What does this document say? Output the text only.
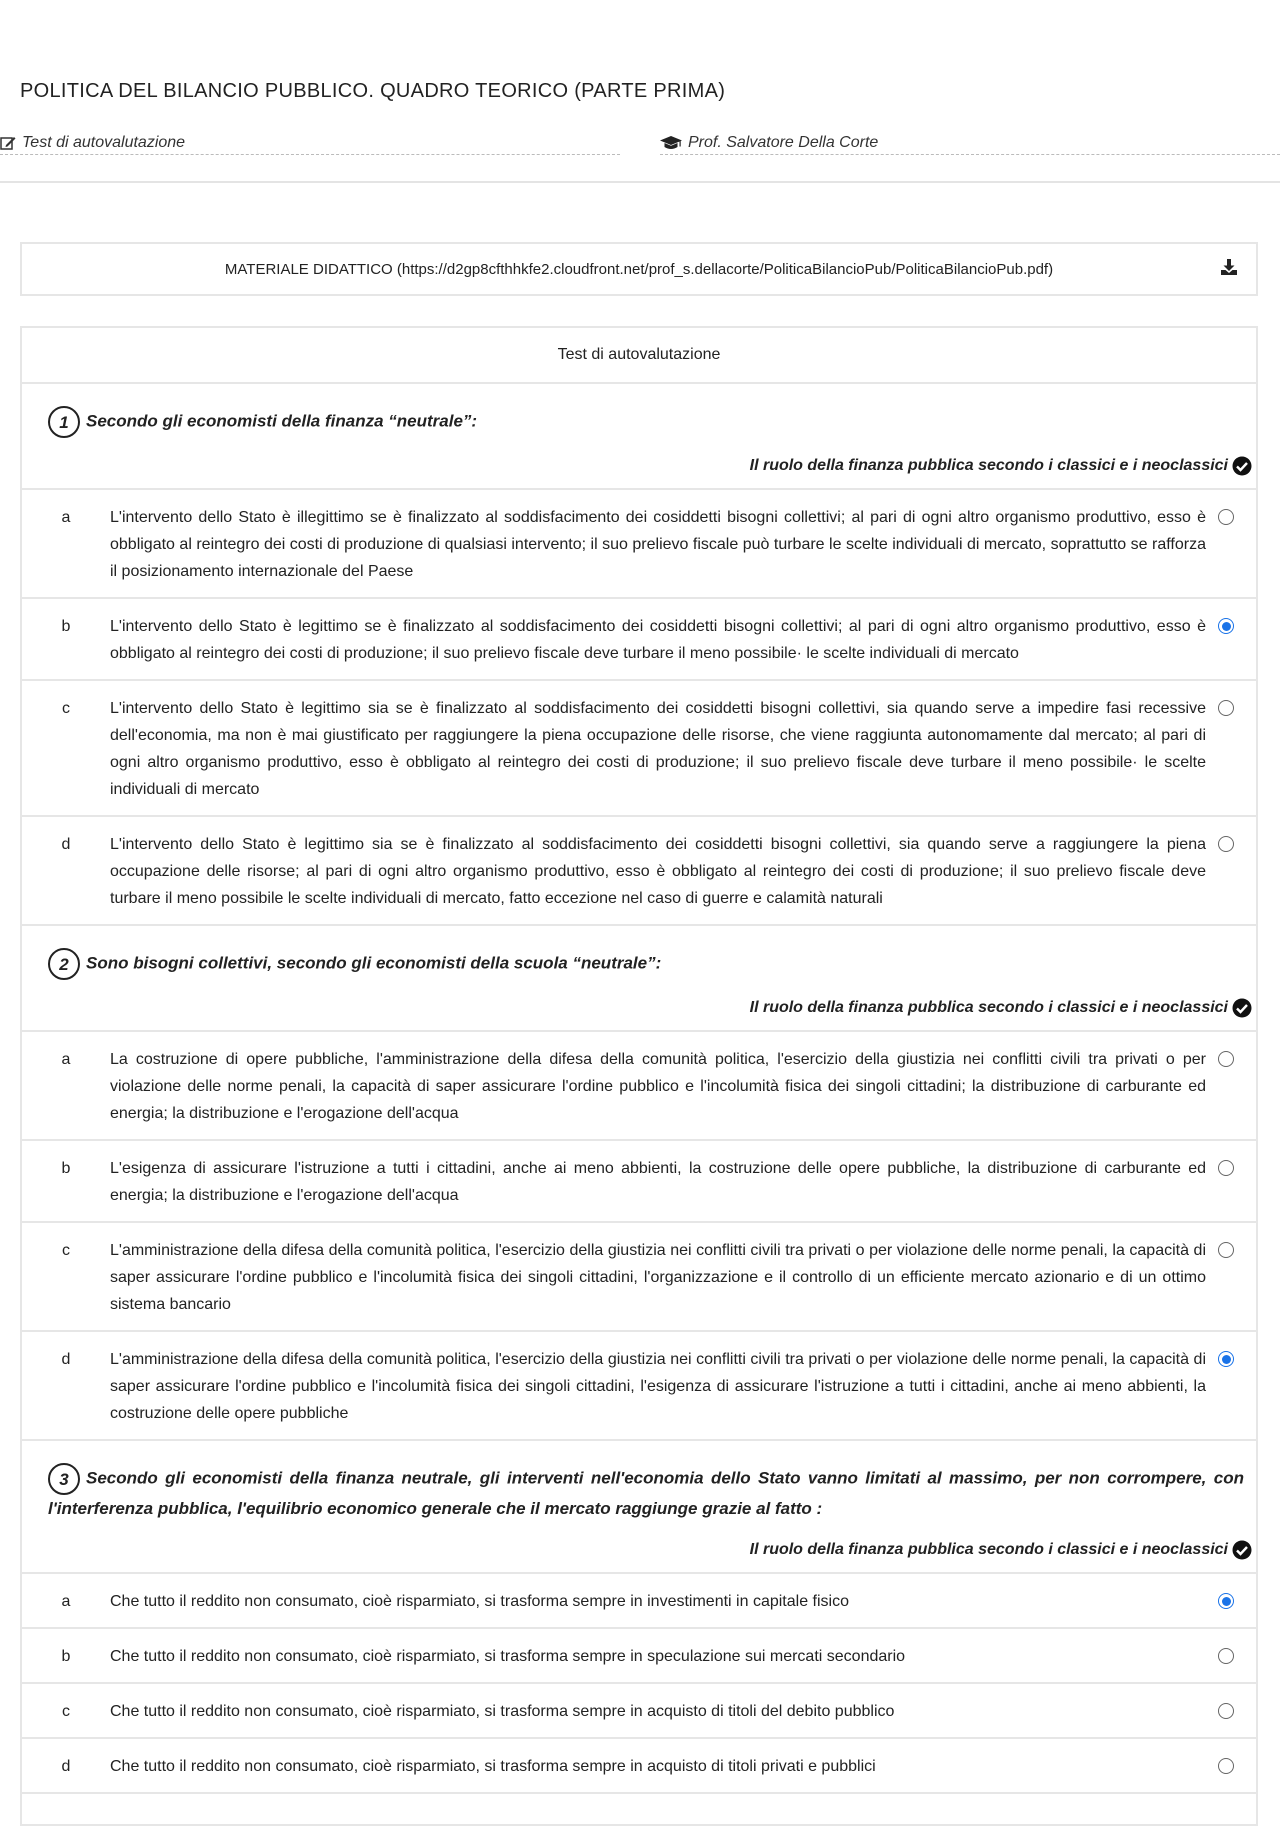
POLITICA DEL BILANCIO PUBBLICO. QUADRO TEORICO (PARTE PRIMA)
Test di autovalutazione	Prof. Salvatore Della Corte
MATERIALE DIDATTICO (https://d2gp8cfthhkfe2.cloudfront.net/prof_s.dellacorte/PoliticaBilancioPub/PoliticaBilancioPub.pdf)
Test di autovalutazione
1 Secondo gli economisti della finanza “neutrale”:
Il ruolo della finanza pubblica secondo i classici e i neoclassici
a	L'intervento dello Stato è illegittimo se è finalizzato al soddisfacimento dei cosiddetti bisogni collettivi; al pari di ogni altro organismo produttivo, esso è obbligato al reintegro dei costi di produzione di qualsiasi intervento; il suo prelievo fiscale può turbare le scelte individuali di mercato, soprattutto se rafforza il posizionamento internazionale del Paese
b	L'intervento dello Stato è legittimo se è finalizzato al soddisfacimento dei cosiddetti bisogni collettivi; al pari di ogni altro organismo produttivo, esso è obbligato al reintegro dei costi di produzione; il suo prelievo fiscale deve turbare il meno possibile· le scelte individuali di mercato
c	L'intervento dello Stato è legittimo sia se è finalizzato al soddisfacimento dei cosiddetti bisogni collettivi, sia quando serve a impedire fasi recessive dell'economia, ma non è mai giustificato per raggiungere la piena occupazione delle risorse, che viene raggiunta autonomamente dal mercato; al pari di ogni altro organismo produttivo, esso è obbligato al reintegro dei costi di produzione; il suo prelievo fiscale deve turbare il meno possibile· le scelte individuali di mercato
d	L'intervento dello Stato è legittimo sia se è finalizzato al soddisfacimento dei cosiddetti bisogni collettivi, sia quando serve a raggiungere la piena occupazione delle risorse; al pari di ogni altro organismo produttivo, esso è obbligato al reintegro dei costi di produzione; il suo prelievo fiscale deve turbare il meno possibile le scelte individuali di mercato, fatto eccezione nel caso di guerre e calamità naturali
2 Sono bisogni collettivi, secondo gli economisti della scuola “neutrale”:
Il ruolo della finanza pubblica secondo i classici e i neoclassici
a	La costruzione di opere pubbliche, l'amministrazione della difesa della comunità politica, l'esercizio della giustizia nei conflitti civili tra privati o per violazione delle norme penali, la capacità di saper assicurare l'ordine pubblico e l'incolumità fisica dei singoli cittadini; la distribuzione di carburante ed energia; la distribuzione e l'erogazione dell'acqua
b	L'esigenza di assicurare l'istruzione a tutti i cittadini, anche ai meno abbienti, la costruzione delle opere pubbliche, la distribuzione di carburante ed energia; la distribuzione e l'erogazione dell'acqua
c	L'amministrazione della difesa della comunità politica, l'esercizio della giustizia nei conflitti civili tra privati o per violazione delle norme penali, la capacità di saper assicurare l'ordine pubblico e l'incolumità fisica dei singoli cittadini, l'organizzazione e il controllo di un efficiente mercato azionario e di un ottimo sistema bancario
d	L'amministrazione della difesa della comunità politica, l'esercizio della giustizia nei conflitti civili tra privati o per violazione delle norme penali, la capacità di saper assicurare l'ordine pubblico e l'incolumità fisica dei singoli cittadini, l'esigenza di assicurare l'istruzione a tutti i cittadini, anche ai meno abbienti, la costruzione delle opere pubbliche
3 Secondo gli economisti della finanza neutrale, gli interventi nell'economia dello Stato vanno limitati al massimo, per non corrompere, con l'interferenza pubblica, l'equilibrio economico generale che il mercato raggiunge grazie al fatto :
Il ruolo della finanza pubblica secondo i classici e i neoclassici
a	Che tutto il reddito non consumato, cioè risparmiato, si trasforma sempre in investimenti in capitale fisico
b	Che tutto il reddito non consumato, cioè risparmiato, si trasforma sempre in speculazione sui mercati secondario
c	Che tutto il reddito non consumato, cioè risparmiato, si trasforma sempre in acquisto di titoli del debito pubblico
d	Che tutto il reddito non consumato, cioè risparmiato, si trasforma sempre in acquisto di titoli privati e pubblici
